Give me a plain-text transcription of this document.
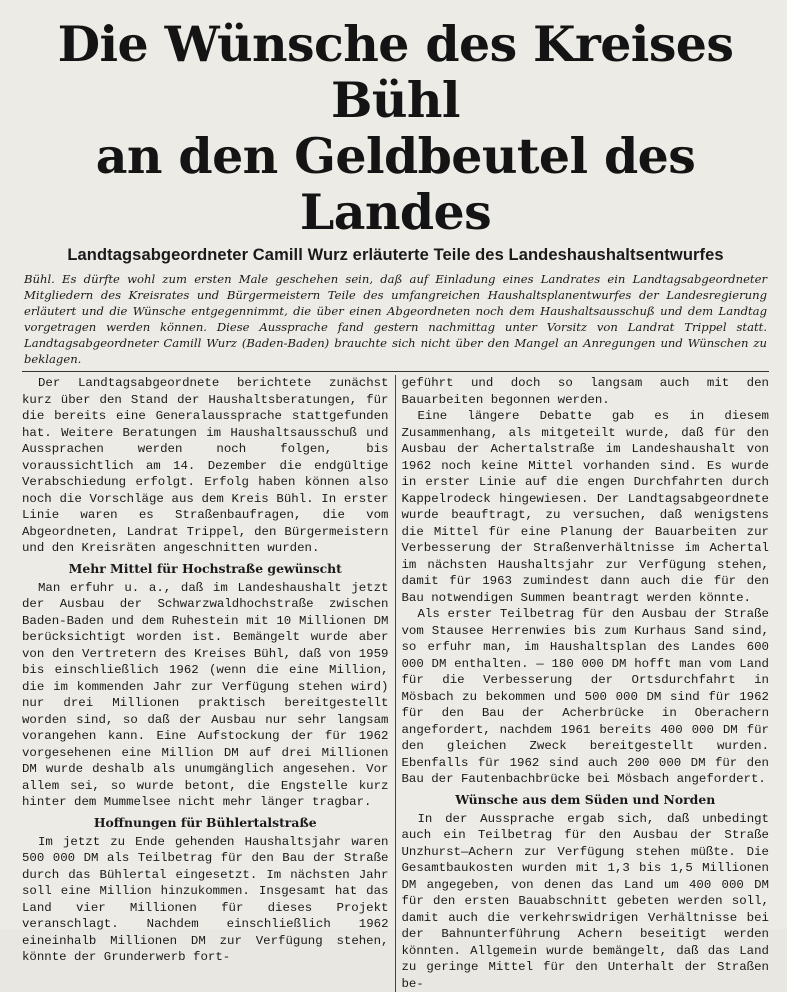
Die Wünsche des Kreises Bühl
an den Geldbeutel des Landes
Landtagsabgeordneter Camill Wurz erläuterte Teile des Landeshaushaltsentwurfes

Bühl. Es dürfte wohl zum ersten Male geschehen sein, daß auf Einladung eines Landrates ein Landtagsabgeordneter Mitgliedern des Kreisrates und Bürgermeistern Teile des umfangreichen Haushaltsplanentwurfes der Landesregierung erläutert und die Wünsche entgegennimmt, die über einen Abgeordneten noch dem Haushaltsausschuß und dem Landtag vorgetragen werden können. Diese Aussprache fand gestern nachmittag unter Vorsitz von Landrat Trippel statt. Landtagsabgeordneter Camill Wurz (Baden-Baden) brauchte sich nicht über den Mangel an Anregungen und Wünschen zu beklagen.

Der Landtagsabgeordnete berichtete zunächst kurz über den Stand der Haushaltsberatungen, für die bereits eine Generalaussprache stattgefunden hat. Weitere Beratungen im Haushaltsausschuß und Aussprachen werden noch folgen, bis voraussichtlich am 14. Dezember die endgültige Verabschiedung erfolgt. Erfolg haben können also noch die Vorschläge aus dem Kreis Bühl. In erster Linie waren es Straßenbaufragen, die vom Abgeordneten, Landrat Trippel, den Bürgermeistern und den Kreisräten angeschnitten wurden.

Mehr Mittel für Hochstraße gewünscht

Man erfuhr u. a., daß im Landeshaushalt jetzt der Ausbau der Schwarzwaldhochstraße zwischen Baden-Baden und dem Ruhestein mit 10 Millionen DM berücksichtigt worden ist. Bemängelt wurde aber von den Vertretern des Kreises Bühl, daß von 1959 bis einschließlich 1962 (wenn die eine Million, die im kommenden Jahr zur Verfügung stehen wird) nur drei Millionen praktisch bereitgestellt worden sind, so daß der Ausbau nur sehr langsam vorangehen kann. Eine Aufstockung der für 1962 vorgesehenen eine Million DM auf drei Millionen DM wurde deshalb als unumgänglich angesehen. Vor allem sei, so wurde betont, die Engstelle kurz hinter dem Mummelsee nicht mehr länger tragbar.

Hoffnungen für Bühlertalstraße

Im jetzt zu Ende gehenden Haushaltsjahr waren 500 000 DM als Teilbetrag für den Bau der Straße durch das Bühlertal eingesetzt. Im nächsten Jahr soll eine Million hinzukommen. Insgesamt hat das Land vier Millionen für dieses Projekt veranschlagt. Nachdem einschließlich 1962 eineinhalb Millionen DM zur Verfügung stehen, könnte der Grunderwerb fort-

geführt und doch so langsam auch mit den Bauarbeiten begonnen werden.

Eine längere Debatte gab es in diesem Zusammenhang, als mitgeteilt wurde, daß für den Ausbau der Achertalstraße im Landeshaushalt von 1962 noch keine Mittel vorhanden sind. Es wurde in erster Linie auf die engen Durchfahrten durch Kappelrodeck hingewiesen. Der Landtagsabgeordnete wurde beauftragt, zu versuchen, daß wenigstens die Mittel für eine Planung der Bauarbeiten zur Verbesserung der Straßenverhältnisse im Achertal im nächsten Haushaltsjahr zur Verfügung stehen, damit für 1963 zumindest dann auch die für den Bau notwendigen Summen beantragt werden könnte.

Als erster Teilbetrag für den Ausbau der Straße vom Stausee Herrenwies bis zum Kurhaus Sand sind, so erfuhr man, im Haushaltsplan des Landes 600 000 DM enthalten. — 180 000 DM hofft man vom Land für die Verbesserung der Ortsdurchfahrt in Mösbach zu bekommen und 500 000 DM sind für 1962 für den Bau der Acherbrücke in Oberachern angefordert, nachdem 1961 bereits 400 000 DM für den gleichen Zweck bereitgestellt wurden. Ebenfalls für 1962 sind auch 200 000 DM für den Bau der Fautenbachbrücke bei Mösbach angefordert.

Wünsche aus dem Süden und Norden

In der Aussprache ergab sich, daß unbedingt auch ein Teilbetrag für den Ausbau der Straße Unzhurst—Achern zur Verfügung stehen müßte. Die Gesamtbaukosten wurden mit 1,3 bis 1,5 Millionen DM angegeben, von denen das Land um 400 000 DM für den ersten Bauabschnitt gebeten werden soll, damit auch die verkehrswidrigen Verhältnisse bei der Bahnunterführung Achern beseitigt werden könnten. Allgemein wurde bemängelt, daß das Land zu geringe Mittel für den Unterhalt der Straßen be-
